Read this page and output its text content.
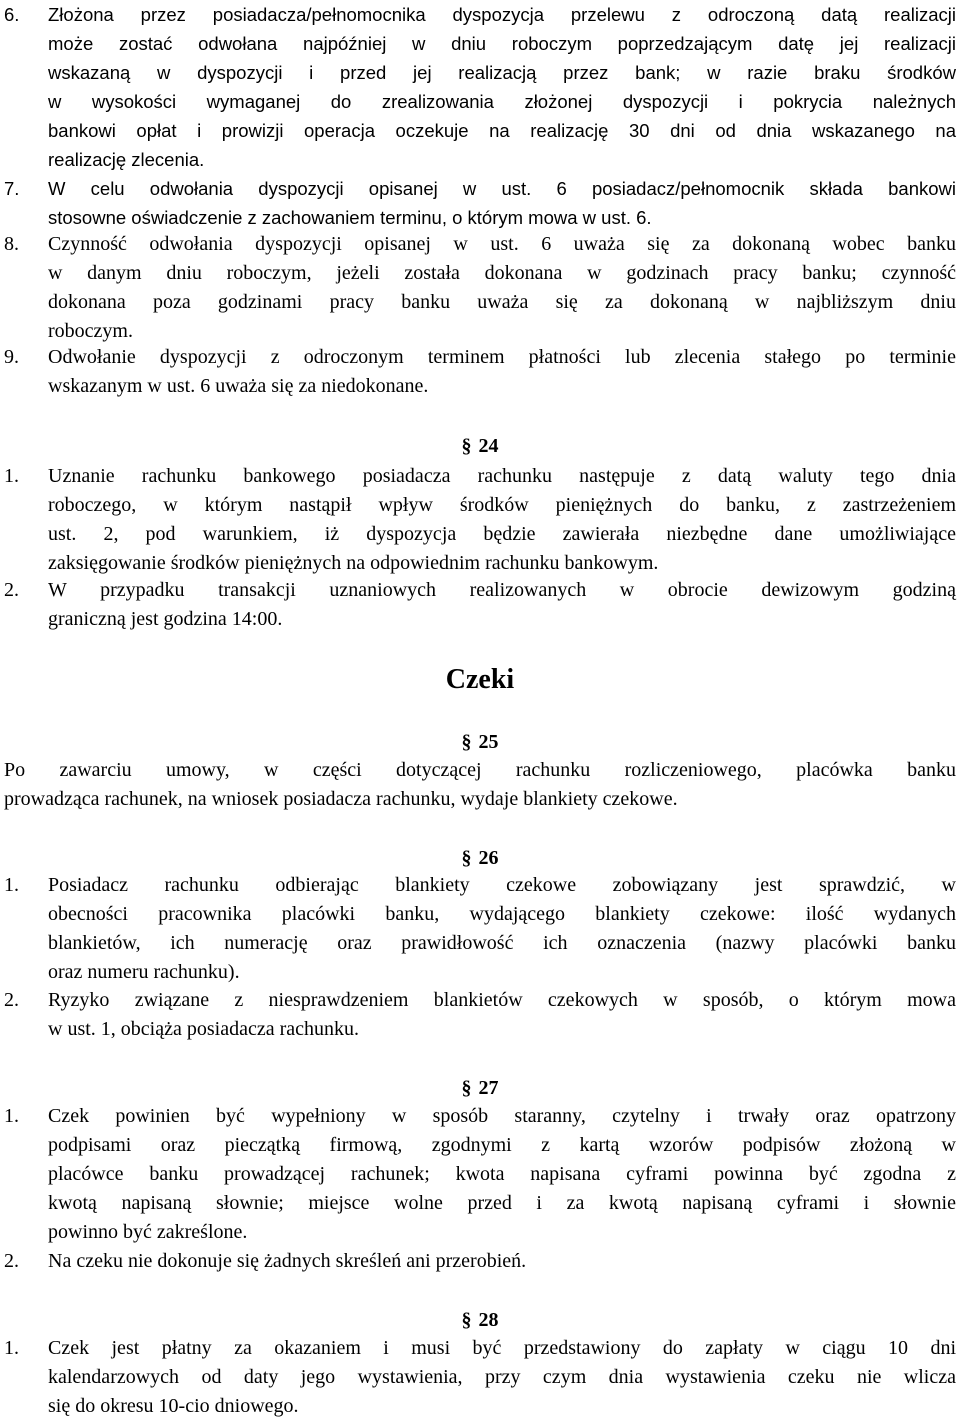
6.	Złożona przez posiadacza/pełnomocnika dyspozycja przelewu z odroczoną datą realizacji
może zostać odwołana najpóźniej w dniu roboczym poprzedzającym datę jej realizacji
wskazaną w dyspozycji i przed jej realizacją przez bank; w razie braku środków
w wysokości wymaganej do zrealizowania złożonej dyspozycji i pokrycia należnych
bankowi opłat i prowizji operacja oczekuje na realizację 30 dni od dnia wskazanego na
realizację zlecenia.
7.	W celu odwołania dyspozycji opisanej w ust. 6 posiadacz/pełnomocnik składa bankowi
stosowne oświadczenie z zachowaniem terminu, o którym mowa w ust. 6.
8.	Czynność odwołania dyspozycji opisanej w ust. 6 uważa się za dokonaną wobec banku
w danym dniu roboczym, jeżeli została dokonana w godzinach pracy banku; czynność
dokonana poza godzinami pracy banku uważa się za dokonaną w najbliższym dniu
roboczym.
9.	Odwołanie dyspozycji z odroczonym terminem płatności lub zlecenia stałego po terminie
wskazanym w ust. 6 uważa się za niedokonane.
§ 24
1.	Uznanie rachunku bankowego posiadacza rachunku następuje z datą waluty tego dnia
roboczego, w którym nastąpił wpływ środków pieniężnych do banku, z zastrzeżeniem
ust. 2, pod warunkiem, iż dyspozycja będzie zawierała niezbędne dane umożliwiające
zaksięgowanie środków pieniężnych na odpowiednim rachunku bankowym.
2.	W przypadku transakcji uznaniowych realizowanych w obrocie dewizowym godziną
graniczną jest godzina 14:00.
Czeki
§ 25
Po zawarciu umowy, w części dotyczącej rachunku rozliczeniowego, placówka banku
prowadząca rachunek, na wniosek posiadacza rachunku, wydaje blankiety czekowe.
§ 26
1.	Posiadacz rachunku odbierając blankiety czekowe zobowiązany jest sprawdzić, w
obecności pracownika placówki banku, wydającego blankiety czekowe: ilość wydanych
blankietów, ich numerację oraz prawidłowość ich oznaczenia (nazwy placówki banku
oraz numeru rachunku).
2.	Ryzyko związane z niesprawdzeniem blankietów czekowych w sposób, o którym mowa
w ust. 1, obciąża posiadacza rachunku.
§ 27
1.	Czek powinien być wypełniony w sposób staranny, czytelny i trwały oraz opatrzony
podpisami oraz pieczątką firmową, zgodnymi z kartą wzorów podpisów złożoną w
placówce banku prowadzącej rachunek; kwota napisana cyframi powinna być zgodna z
kwotą napisaną słownie; miejsce wolne przed i za kwotą napisaną cyframi i słownie
powinno być zakreślone.
2.	Na czeku nie dokonuje się żadnych skreśleń ani przerobień.
§ 28
1.	Czek jest płatny za okazaniem i musi być przedstawiony do zapłaty w ciągu 10 dni
kalendarzowych od daty jego wystawienia, przy czym dnia wystawienia czeku nie wlicza
się do okresu 10-cio dniowego.
